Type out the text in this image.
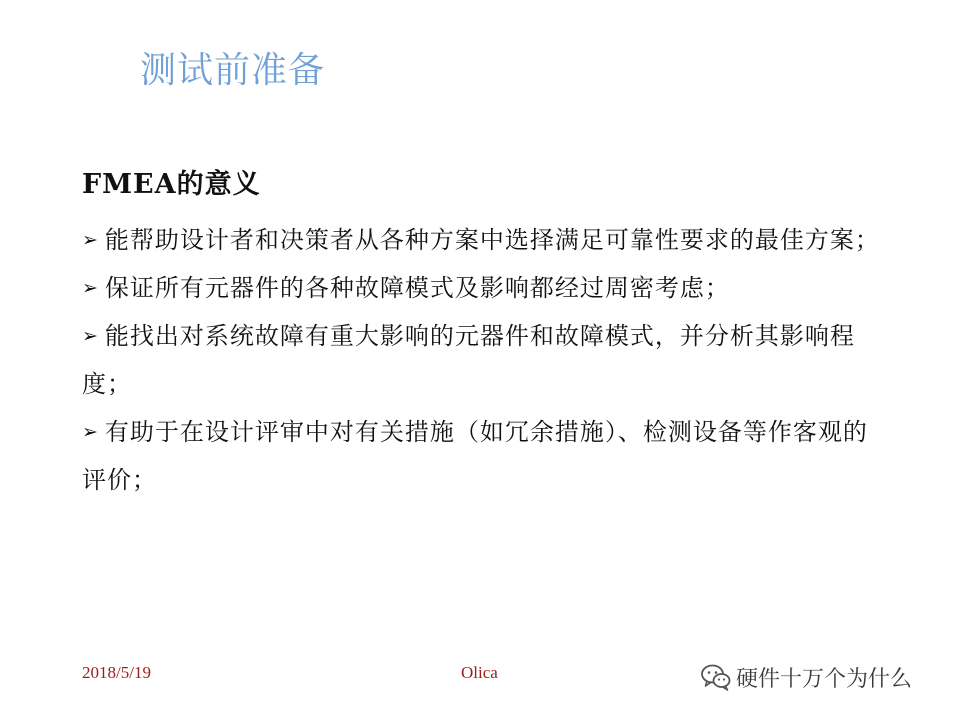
测试前准备
FMEA的意义
➢ 能帮助设计者和决策者从各种方案中选择满足可靠性要求的最佳方案；
➢ 保证所有元器件的各种故障模式及影响都经过周密考虑；
➢ 能找出对系统故障有重大影响的元器件和故障模式，并分析其影响程度；
➢ 有助于在设计评审中对有关措施（如冗余措施）、检测设备等作客观的评价；
2018/5/19	Olica	硬件十万个为什么
